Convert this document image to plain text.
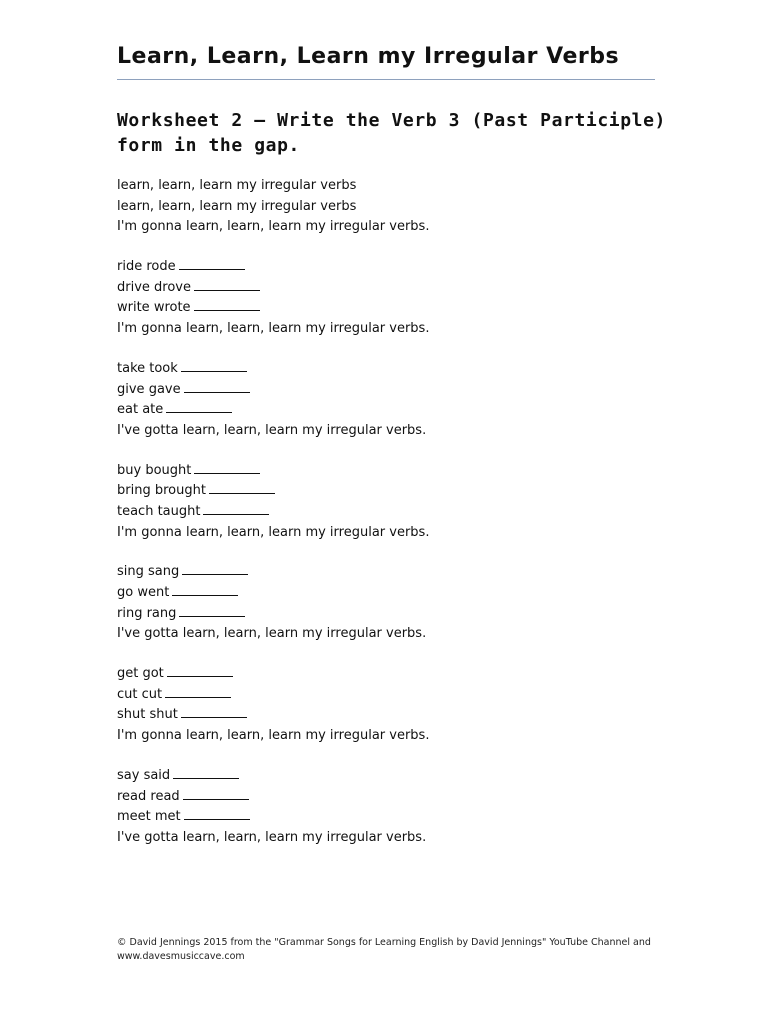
Learn, Learn, Learn my Irregular Verbs
Worksheet 2 – Write the Verb 3 (Past Participle) form in the gap.
learn, learn, learn my irregular verbs
learn, learn, learn my irregular verbs
I'm gonna learn, learn, learn my irregular verbs.
ride rode
drive drove
write wrote
I'm gonna learn, learn, learn my irregular verbs.
take took
give gave
eat ate
I've gotta learn, learn, learn my irregular verbs.
buy bought
bring brought
teach taught
I'm gonna learn, learn, learn my irregular verbs.
sing sang
go went
ring rang
I've gotta learn, learn, learn my irregular verbs.
get got
cut cut
shut shut
I'm gonna learn, learn, learn my irregular verbs.
say said
read read
meet met
I've gotta learn, learn, learn my irregular verbs.
© David Jennings 2015 from the "Grammar Songs for Learning English by David Jennings" YouTube Channel and www.davesmusiccave.com
